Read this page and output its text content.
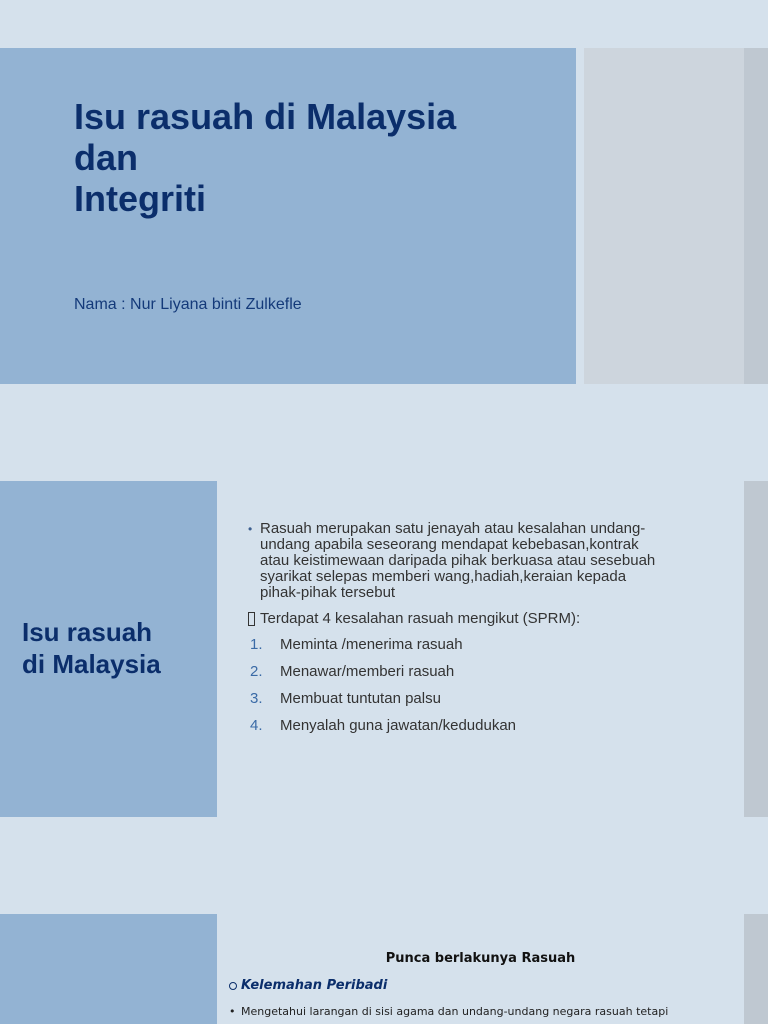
Isu rasuah di Malaysia
dan
Integriti
Nama : Nur Liyana binti Zulkefle
Isu rasuah
di Malaysia
• Rasuah merupakan satu jenayah atau kesalahan undang-
undang apabila seseorang mendapat kebebasan,kontrak
atau keistimewaan daripada pihak berkuasa atau sesebuah
syarikat selepas memberi wang,hadiah,keraian kepada
pihak-pihak tersebut
Terdapat 4 kesalahan rasuah mengikut (SPRM):
1.	Meminta /menerima rasuah
2.	Menawar/memberi rasuah
3.	Membuat tuntutan palsu
4.	Menyalah guna jawatan/kedudukan
Punca berlakunya Rasuah
Kelemahan Peribadi
• Mengetahui larangan di sisi agama dan undang-undang negara rasuah tetapi
